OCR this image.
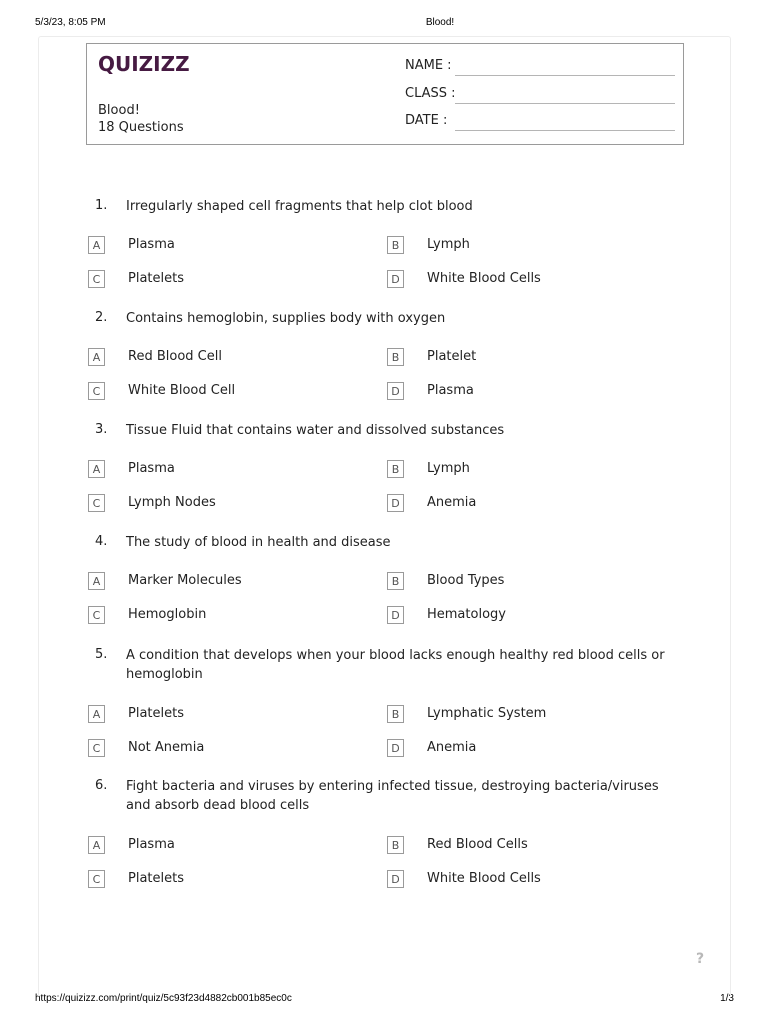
5/3/23, 8:05 PM	Blood!
https://quizizz.com/print/quiz/5c93f23d4882cb001b85ec0c	1/3
QUIZIZZ
Blood!
18 Questions
NAME :
CLASS :
DATE :
1. Irregularly shaped cell fragments that help clot blood
A	Plasma	B	Lymph
C	Platelets	D	White Blood Cells
2. Contains hemoglobin, supplies body with oxygen
A	Red Blood Cell	B	Platelet
C	White Blood Cell	D	Plasma
3. Tissue Fluid that contains water and dissolved substances
A	Plasma	B	Lymph
C	Lymph Nodes	D	Anemia
4. The study of blood in health and disease
A	Marker Molecules	B	Blood Types
C	Hemoglobin	D	Hematology
5. A condition that develops when your blood lacks enough healthy red blood cells or hemoglobin
A	Platelets	B	Lymphatic System
C	Not Anemia	D	Anemia
6. Fight bacteria and viruses by entering infected tissue, destroying bacteria/viruses and absorb dead blood cells
A	Plasma	B	Red Blood Cells
C	Platelets	D	White Blood Cells
?
